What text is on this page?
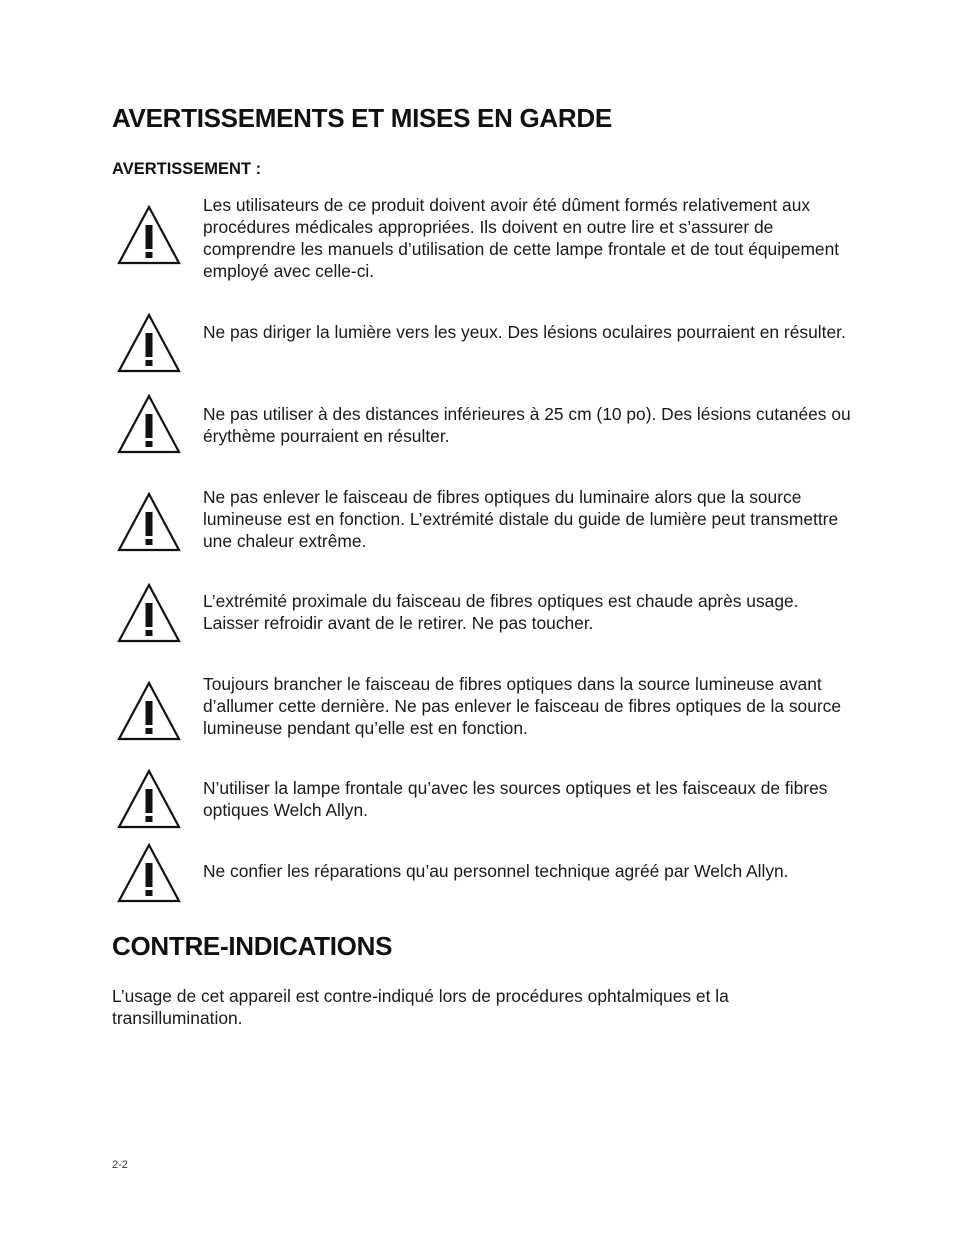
AVERTISSEMENTS ET MISES EN GARDE
AVERTISSEMENT :

Les utilisateurs de ce produit doivent avoir été dûment formés relativement aux procédures médicales appropriées. Ils doivent en outre lire et s’assurer de comprendre les manuels d’utilisation de cette lampe frontale et de tout équipement employé avec celle-ci.

Ne pas diriger la lumière vers les yeux. Des lésions oculaires pourraient en résulter.

Ne pas utiliser à des distances inférieures à 25 cm (10 po). Des lésions cutanées ou érythème pourraient en résulter.

Ne pas enlever le faisceau de fibres optiques du luminaire alors que la source lumineuse est en fonction. L’extrémité distale du guide de lumière peut transmettre une chaleur extrême.

L’extrémité proximale du faisceau de fibres optiques est chaude après usage. Laisser refroidir avant de le retirer. Ne pas toucher.

Toujours brancher le faisceau de fibres optiques dans la source lumineuse avant d’allumer cette dernière. Ne pas enlever le faisceau de fibres optiques de la source lumineuse pendant qu’elle est en fonction.

N’utiliser la lampe frontale qu’avec les sources optiques et les faisceaux de fibres optiques Welch Allyn.

Ne confier les réparations qu’au personnel technique agréé par Welch Allyn.

CONTRE-INDICATIONS

L’usage de cet appareil est contre-indiqué lors de procédures ophtalmiques et la transillumination.

2-2
